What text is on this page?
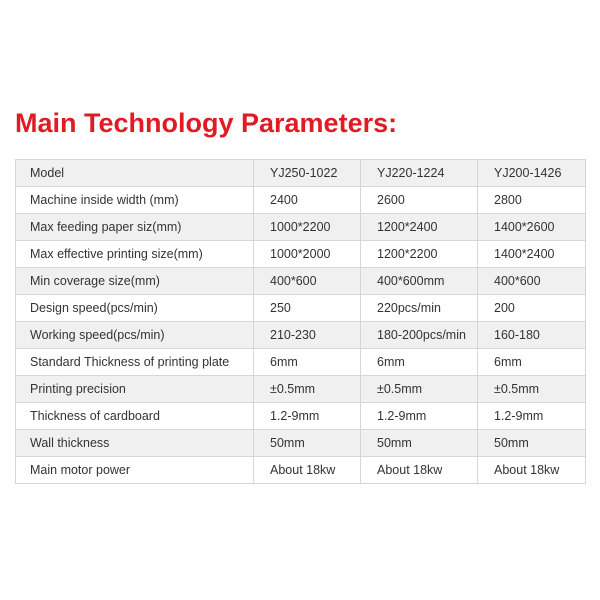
Main Technology Parameters:
Model	YJ250-1022	YJ220-1224	YJ200-1426
Machine inside width (mm)	2400	2600	2800
Max feeding paper siz(mm)	1000*2200	1200*2400	1400*2600
Max effective printing size(mm)	1000*2000	1200*2200	1400*2400
Min coverage size(mm)	400*600	400*600mm	400*600
Design speed(pcs/min)	250	220pcs/min	200
Working speed(pcs/min)	210-230	180-200pcs/min	160-180
Standard Thickness of printing plate	6mm	6mm	6mm
Printing precision	±0.5mm	±0.5mm	±0.5mm
Thickness of cardboard	1.2-9mm	1.2-9mm	1.2-9mm
Wall thickness	50mm	50mm	50mm
Main motor power	About 18kw	About 18kw	About 18kw
